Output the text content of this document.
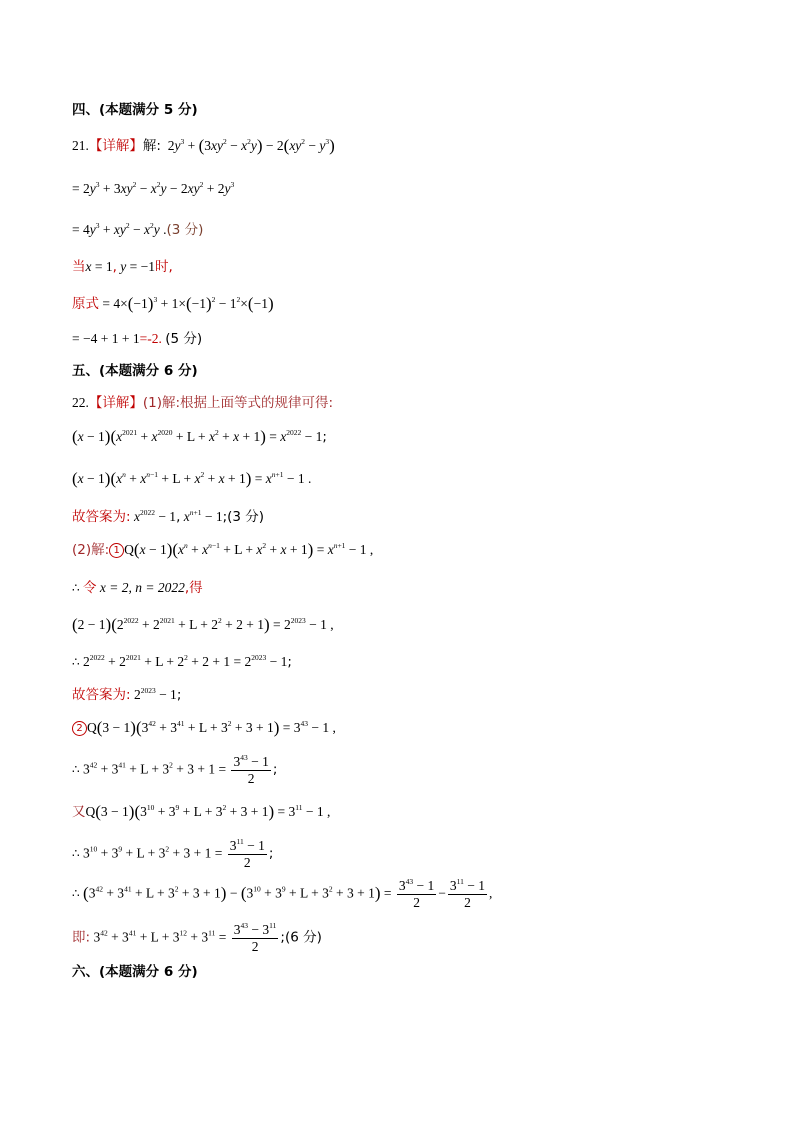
四、(本题满分 5 分)
21.【详解】解:  $2y^3 + (3xy^2 - x^2y) - 2(xy^2 - y^3)$
= $2y^3 + 3xy^2 - x^2y - 2xy^2 + 2y^3$
= $4y^3 + xy^2 - x^2y$ .(3 分)
当x = 1, y = −1时,
原式 = $4\times(-1)^3 + 1\times(-1)^2 - 1^2\times(-1)$
= −4 + 1 + 1=-2. (5 分)
五、(本题满分 6 分)
22.【详解】(1)解:根据上面等式的规律可得:
$(x - 1)(x^{2021} + x^{2020} + L + x^2 + x + 1) = x^{2022} - 1$;
$(x - 1)(x^n + x^{n-1} + L + x^2 + x + 1) = x^{n+1} - 1$ .
故答案为: $x^{2022} - 1$, $x^{n+1}$ − 1;(3 分)
(2)解: 1 $Q(x - 1)(x^n + x^{n-1} + L + x^2 + x + 1) = x^{n+1} - 1$ ,
∴ 令 x = 2, n = 2022,得
$(2 - 1)(2^{2022} + 2^{2021} + L + 2^2 + 2 + 1) = 2^{2023} - 1$ ,
∴ $2^{2022} + 2^{2021} + L + 2^2 + 2 + 1 = 2^{2023} - 1$;
故答案为: $2^{2023} - 1$;
2 $Q(3 - 1)(3^{42} + 3^{41} + L + 3^2 + 3 + 1) = 3^{43} - 1$ ,
∴ $3^{42} + 3^{41} + L + 3^2 + 3 + 1 = \frac{3^{43} - 1}{2}$ ;
又$Q(3 - 1)(3^{10} + 3^9 + L + 3^2 + 3 + 1) = 3^{11} - 1$ ,
∴ $3^{10} + 3^9 + L + 3^2 + 3 + 1 = \frac{3^{11} - 1}{2}$ ;
∴ $(3^{42} + 3^{41} + L + 3^2 + 3 + 1) - (3^{10} + 3^9 + L + 3^2 + 3 + 1) = \frac{3^{43} - 1}{2} - \frac{3^{11} - 1}{2}$ ,
即: $3^{42} + 3^{41} + L + 3^{12} + 3^{11} = \frac{3^{43} - 3^{11}}{2}$ ;(6 分)
六、(本题满分 6 分)
